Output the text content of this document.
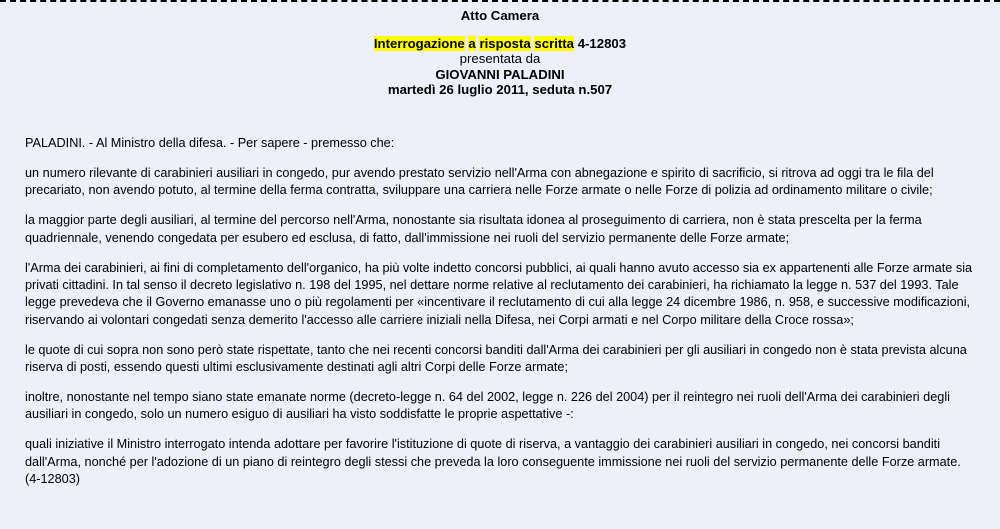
Atto Camera
Interrogazione a risposta scritta 4-12803
presentata da
GIOVANNI PALADINI
martedì 26 luglio 2011, seduta n.507

PALADINI. - Al Ministro della difesa. - Per sapere - premesso che:

un numero rilevante di carabinieri ausiliari in congedo, pur avendo prestato servizio nell'Arma con abnegazione e spirito di sacrificio, si ritrova ad oggi tra le fila del precariato, non avendo potuto, al termine della ferma contratta, sviluppare una carriera nelle Forze armate o nelle Forze di polizia ad ordinamento militare o civile;

la maggior parte degli ausiliari, al termine del percorso nell'Arma, nonostante sia risultata idonea al proseguimento di carriera, non è stata prescelta per la ferma quadriennale, venendo congedata per esubero ed esclusa, di fatto, dall'immissione nei ruoli del servizio permanente delle Forze armate;

l'Arma dei carabinieri, ai fini di completamento dell'organico, ha più volte indetto concorsi pubblici, ai quali hanno avuto accesso sia ex appartenenti alle Forze armate sia privati cittadini. In tal senso il decreto legislativo n. 198 del 1995, nel dettare norme relative al reclutamento dei carabinieri, ha richiamato la legge n. 537 del 1993. Tale legge prevedeva che il Governo emanasse uno o più regolamenti per «incentivare il reclutamento di cui alla legge 24 dicembre 1986, n. 958, e successive modificazioni, riservando ai volontari congedati senza demerito l'accesso alle carriere iniziali nella Difesa, nei Corpi armati e nel Corpo militare della Croce rossa»;

le quote di cui sopra non sono però state rispettate, tanto che nei recenti concorsi banditi dall'Arma dei carabinieri per gli ausiliari in congedo non è stata prevista alcuna riserva di posti, essendo questi ultimi esclusivamente destinati agli altri Corpi delle Forze armate;

inoltre, nonostante nel tempo siano state emanate norme (decreto-legge n. 64 del 2002, legge n. 226 del 2004) per il reintegro nei ruoli dell'Arma dei carabinieri degli ausiliari in congedo, solo un numero esiguo di ausiliari ha visto soddisfatte le proprie aspettative -:

quali iniziative il Ministro interrogato intenda adottare per favorire l'istituzione di quote di riserva, a vantaggio dei carabinieri ausiliari in congedo, nei concorsi banditi dall'Arma, nonché per l'adozione di un piano di reintegro degli stessi che preveda la loro conseguente immissione nei ruoli del servizio permanente delle Forze armate.(4-12803)
